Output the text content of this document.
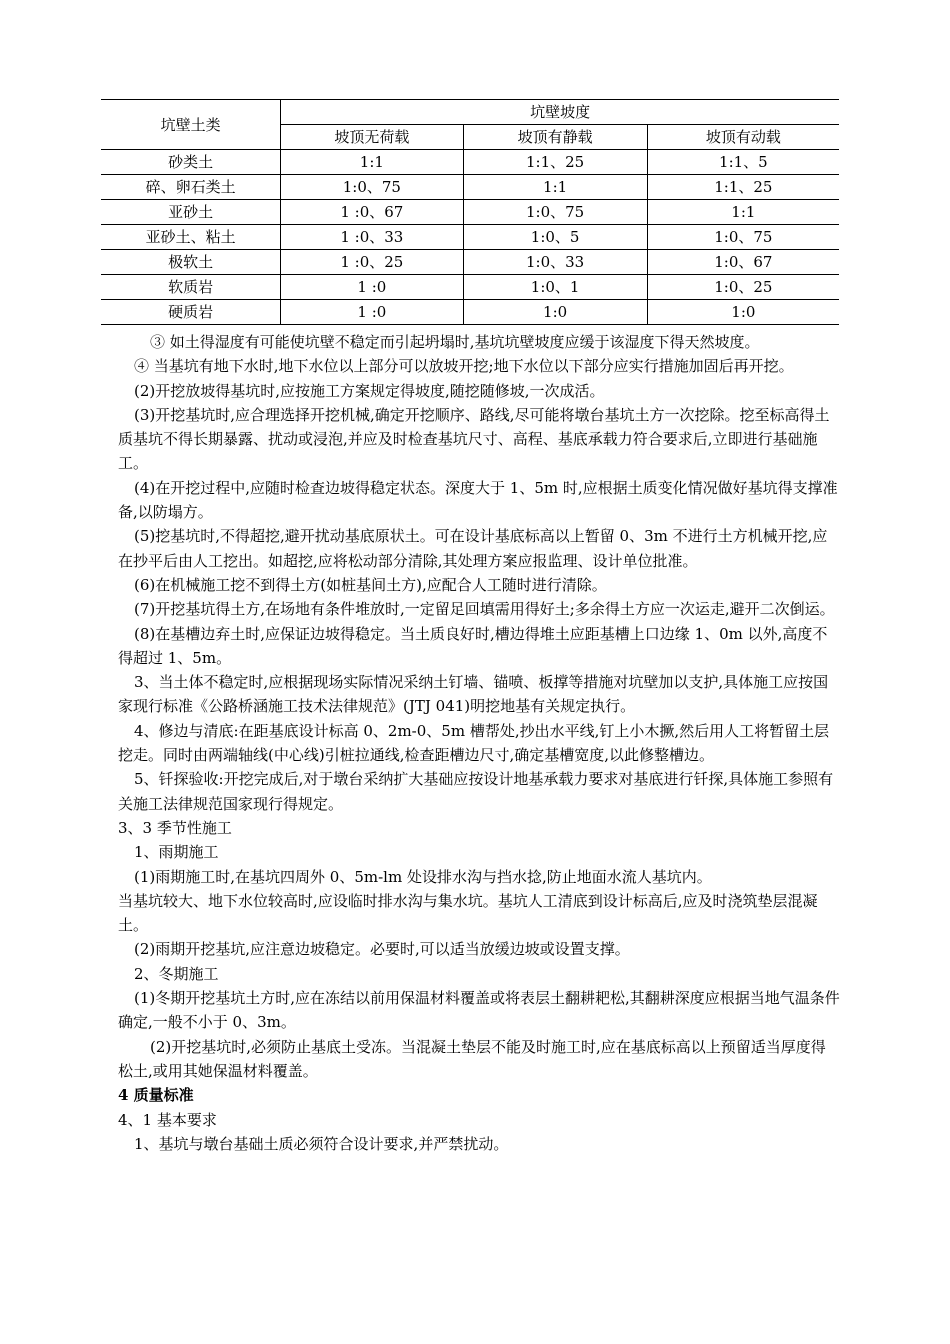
坑壁土类	坑壁坡度		
	坡顶无荷载	坡顶有静载	坡顶有动载
砂类土	1:1	1:1、25	1:1、5
碎、卵石类土	1:0、75	1:1	1:1、25
亚砂土	1 :0、67	1:0、75	1:1
亚砂土、粘土	1 :0、33	1:0、5	1:0、75
极软土	1 :0、25	1:0、33	1:0、67
软质岩	1 :0	1:0、1	1:0、25
硬质岩	1 :0	1:0	1:0

③ 如土得湿度有可能使坑壁不稳定而引起坍塌时,基坑坑壁坡度应缓于该湿度下得天然坡度。

④ 当基坑有地下水时,地下水位以上部分可以放坡开挖;地下水位以下部分应实行措施加固后再开挖。

(2)开挖放坡得基坑时,应按施工方案规定得坡度,随挖随修坡,一次成活。

(3)开挖基坑时,应合理选择开挖机械,确定开挖顺序、路线,尽可能将墩台基坑土方一次挖除。挖至标高得土质基坑不得长期暴露、扰动或浸泡,并应及时检查基坑尺寸、高程、基底承载力符合要求后,立即进行基础施工。

(4)在开挖过程中,应随时检查边坡得稳定状态。深度大于 1、5m 时,应根据土质变化情况做好基坑得支撑准备,以防塌方。

(5)挖基坑时,不得超挖,避开扰动基底原状土。可在设计基底标高以上暂留 0、3m 不进行土方机械开挖,应在抄平后由人工挖出。如超挖,应将松动部分清除,其处理方案应报监理、设计单位批准。

(6)在机械施工挖不到得土方(如桩基间土方),应配合人工随时进行清除。

(7)开挖基坑得土方,在场地有条件堆放时,一定留足回填需用得好土;多余得土方应一次运走,避开二次倒运。

(8)在基槽边弃土时,应保证边坡得稳定。当土质良好时,槽边得堆土应距基槽上口边缘 1、0m 以外,高度不得超过 1、5m。

3、当土体不稳定时,应根据现场实际情况采纳土钉墙、锚喷、板撑等措施对坑壁加以支护,具体施工应按国家现行标准《公路桥涵施工技术法律规范》(JTJ 041)明挖地基有关规定执行。

4、修边与清底:在距基底设计标高 0、2m-0、5m 槽帮处,抄出水平线,钉上小木撅,然后用人工将暂留土层挖走。同时由两端轴线(中心线)引桩拉通线,检查距槽边尺寸,确定基槽宽度,以此修整槽边。

5、钎探验收:开挖完成后,对于墩台采纳扩大基础应按设计地基承载力要求对基底进行钎探,具体施工参照有关施工法律规范国家现行得规定。

3、3 季节性施工

1、雨期施工

(1)雨期施工时,在基坑四周外 0、5m-lm 处设排水沟与挡水捻,防止地面水流人基坑内。

当基坑较大、地下水位较高时,应设临时排水沟与集水坑。基坑人工清底到设计标高后,应及时浇筑垫层混凝土。

(2)雨期开挖基坑,应注意边坡稳定。必要时,可以适当放缓边坡或设置支撑。

2、冬期施工

(1)冬期开挖基坑土方时,应在冻结以前用保温材料覆盖或将表层土翻耕耙松,其翻耕深度应根据当地气温条件确定,一般不小于 0、3m。

(2)开挖基坑时,必须防止基底土受冻。当混凝土垫层不能及时施工时,应在基底标高以上预留适当厚度得松土,或用其她保温材料覆盖。

4 质量标准

4、1 基本要求

1、基坑与墩台基础土质必须符合设计要求,并严禁扰动。
